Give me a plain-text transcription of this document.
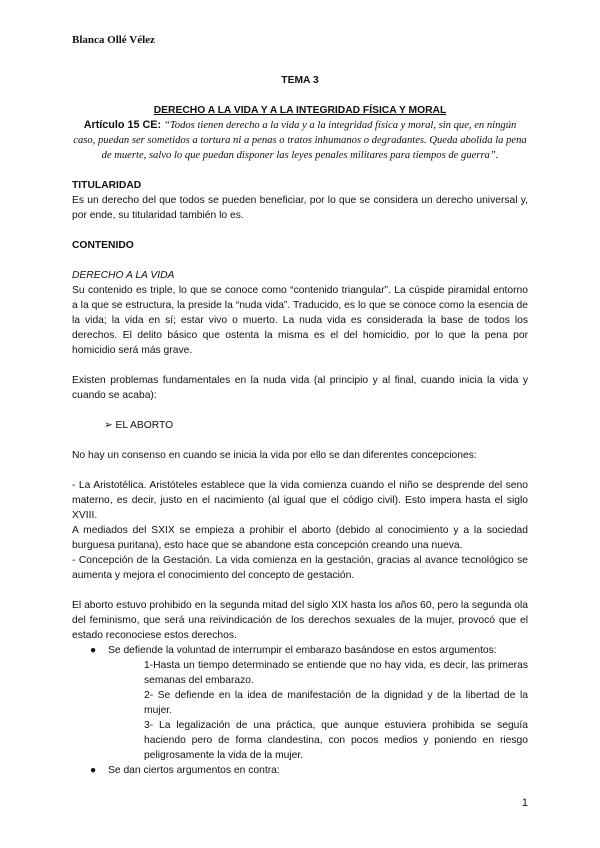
Blanca Ollé Vélez
TEMA 3
DERECHO A LA VIDA Y A LA INTEGRIDAD FÍSICA Y MORAL
Artículo 15 CE: “Todos tienen derecho a la vida y a la integridad física y moral, sin que, en ningún caso, puedan ser sometidos a tortura ni a penas o tratos inhumanos o degradantes. Queda abolida la pena de muerte, salvo lo que puedan disponer las leyes penales militares para tiempos de guerra”.
TITULARIDAD
Es un derecho del que todos se pueden beneficiar, por lo que se considera un derecho universal y, por ende, su titularidad también lo es.
CONTENIDO
DERECHO A LA VIDA
Su contenido es triple, lo que se conoce como “contenido triangular”. La cúspide piramidal entorno a la que se estructura, la preside la “nuda vida”. Traducido, es lo que se conoce como la esencia de la vida; la vida en sí; estar vivo o muerto. La nuda vida es considerada la base de todos los derechos. El delito básico que ostenta la misma es el del homicidio, por lo que la pena por homicidio será más grave.
Existen problemas fundamentales en la nuda vida (al principio y al final, cuando inicia la vida y cuando se acaba):
➢ EL ABORTO
No hay un consenso en cuando se inicia la vida por ello se dan diferentes concepciones:
- La Aristotélica. Aristóteles establece que la vida comienza cuando el niño se desprende del seno materno, es decir, justo en el nacimiento (al igual que el código civil). Esto impera hasta el siglo XVIII.
A mediados del SXIX se empieza a prohibir el aborto (debido al conocimiento y a la sociedad burguesa puritana), esto hace que se abandone esta concepción creando una nueva.
- Concepción de la Gestación. La vida comienza en la gestación, gracias al avance tecnológico se aumenta y mejora el conocimiento del concepto de gestación.
El aborto estuvo prohibido en la segunda mitad del siglo XIX hasta los años 60, pero la segunda ola del feminismo, que será una reivindicación de los derechos sexuales de la mujer, provocó que el estado reconociese estos derechos.
●	Se defiende la voluntad de interrumpir el embarazo basándose en estos argumentos:
1-Hasta un tiempo determinado se entiende que no hay vida, es decir, las primeras semanas del embarazo.
2- Se defiende en la idea de manifestación de la dignidad y de la libertad de la mujer.
3- La legalización de una práctica, que aunque estuviera prohibida se seguía haciendo pero de forma clandestina, con pocos medios y poniendo en riesgo peligrosamente la vida de la mujer.
●	Se dan ciertos argumentos en contra:
1
